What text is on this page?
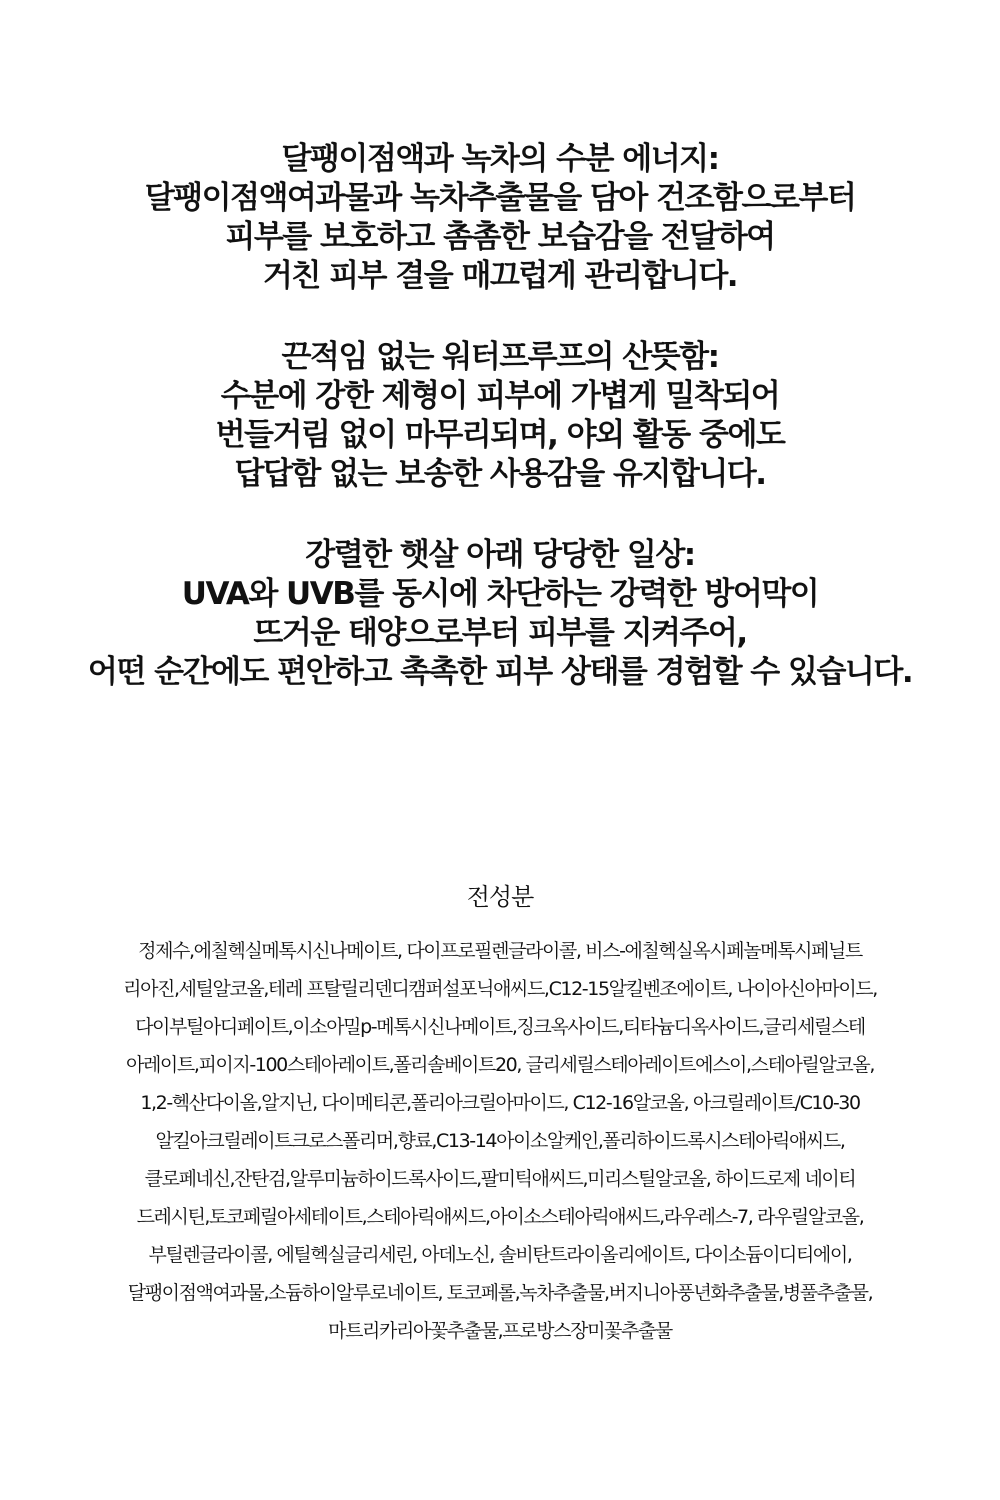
달팽이점액과 녹차의 수분 에너지:
달팽이점액여과물과 녹차추출물을 담아 건조함으로부터
피부를 보호하고 촘촘한 보습감을 전달하여
거친 피부 결을 매끄럽게 관리합니다.
끈적임 없는 워터프루프의 산뜻함:
수분에 강한 제형이 피부에 가볍게 밀착되어
번들거림 없이 마무리되며, 야외 활동 중에도
답답함 없는 보송한 사용감을 유지합니다.
강렬한 햇살 아래 당당한 일상:
UVA와 UVB를 동시에 차단하는 강력한 방어막이
뜨거운 태양으로부터 피부를 지켜주어,
어떤 순간에도 편안하고 촉촉한 피부 상태를 경험할 수 있습니다.
전성분
정제수,에칠헥실메톡시신나메이트, 다이프로필렌글라이콜, 비스-에칠헥실옥시페놀메톡시페닐트
리아진,세틸알코올,테레 프탈릴리덴디캠퍼설포닉애씨드,C12-15알킬벤조에이트, 나이아신아마이드,
다이부틸아디페이트,이소아밀p-메톡시신나메이트,징크옥사이드,티타늄디옥사이드,글리세릴스테
아레이트,피이지-100스테아레이트,폴리솔베이트20, 글리세릴스테아레이트에스이,스테아릴알코올,
1,2-헥산다이올,알지닌, 다이메티콘,폴리아크릴아마이드, C12-16알코올, 아크릴레이트/C10-30
알킬아크릴레이트크로스폴리머,향료,C13-14아이소알케인,폴리하이드록시스테아릭애씨드,
클로페네신,잔탄검,알루미늄하이드록사이드,팔미틱애씨드,미리스틸알코올, 하이드로제 네이티
드레시틴,토코페릴아세테이트,스테아릭애씨드,아이소스테아릭애씨드,라우레스-7, 라우릴알코올,
부틸렌글라이콜, 에틸헥실글리세린, 아데노신, 솔비탄트라이올리에이트, 다이소듐이디티에이,
달팽이점액여과물,소듐하이알루로네이트, 토코페롤,녹차추출물,버지니아풍년화추출물,병풀추출물,
마트리카리아꽃추출물,프로방스장미꽃추출물
